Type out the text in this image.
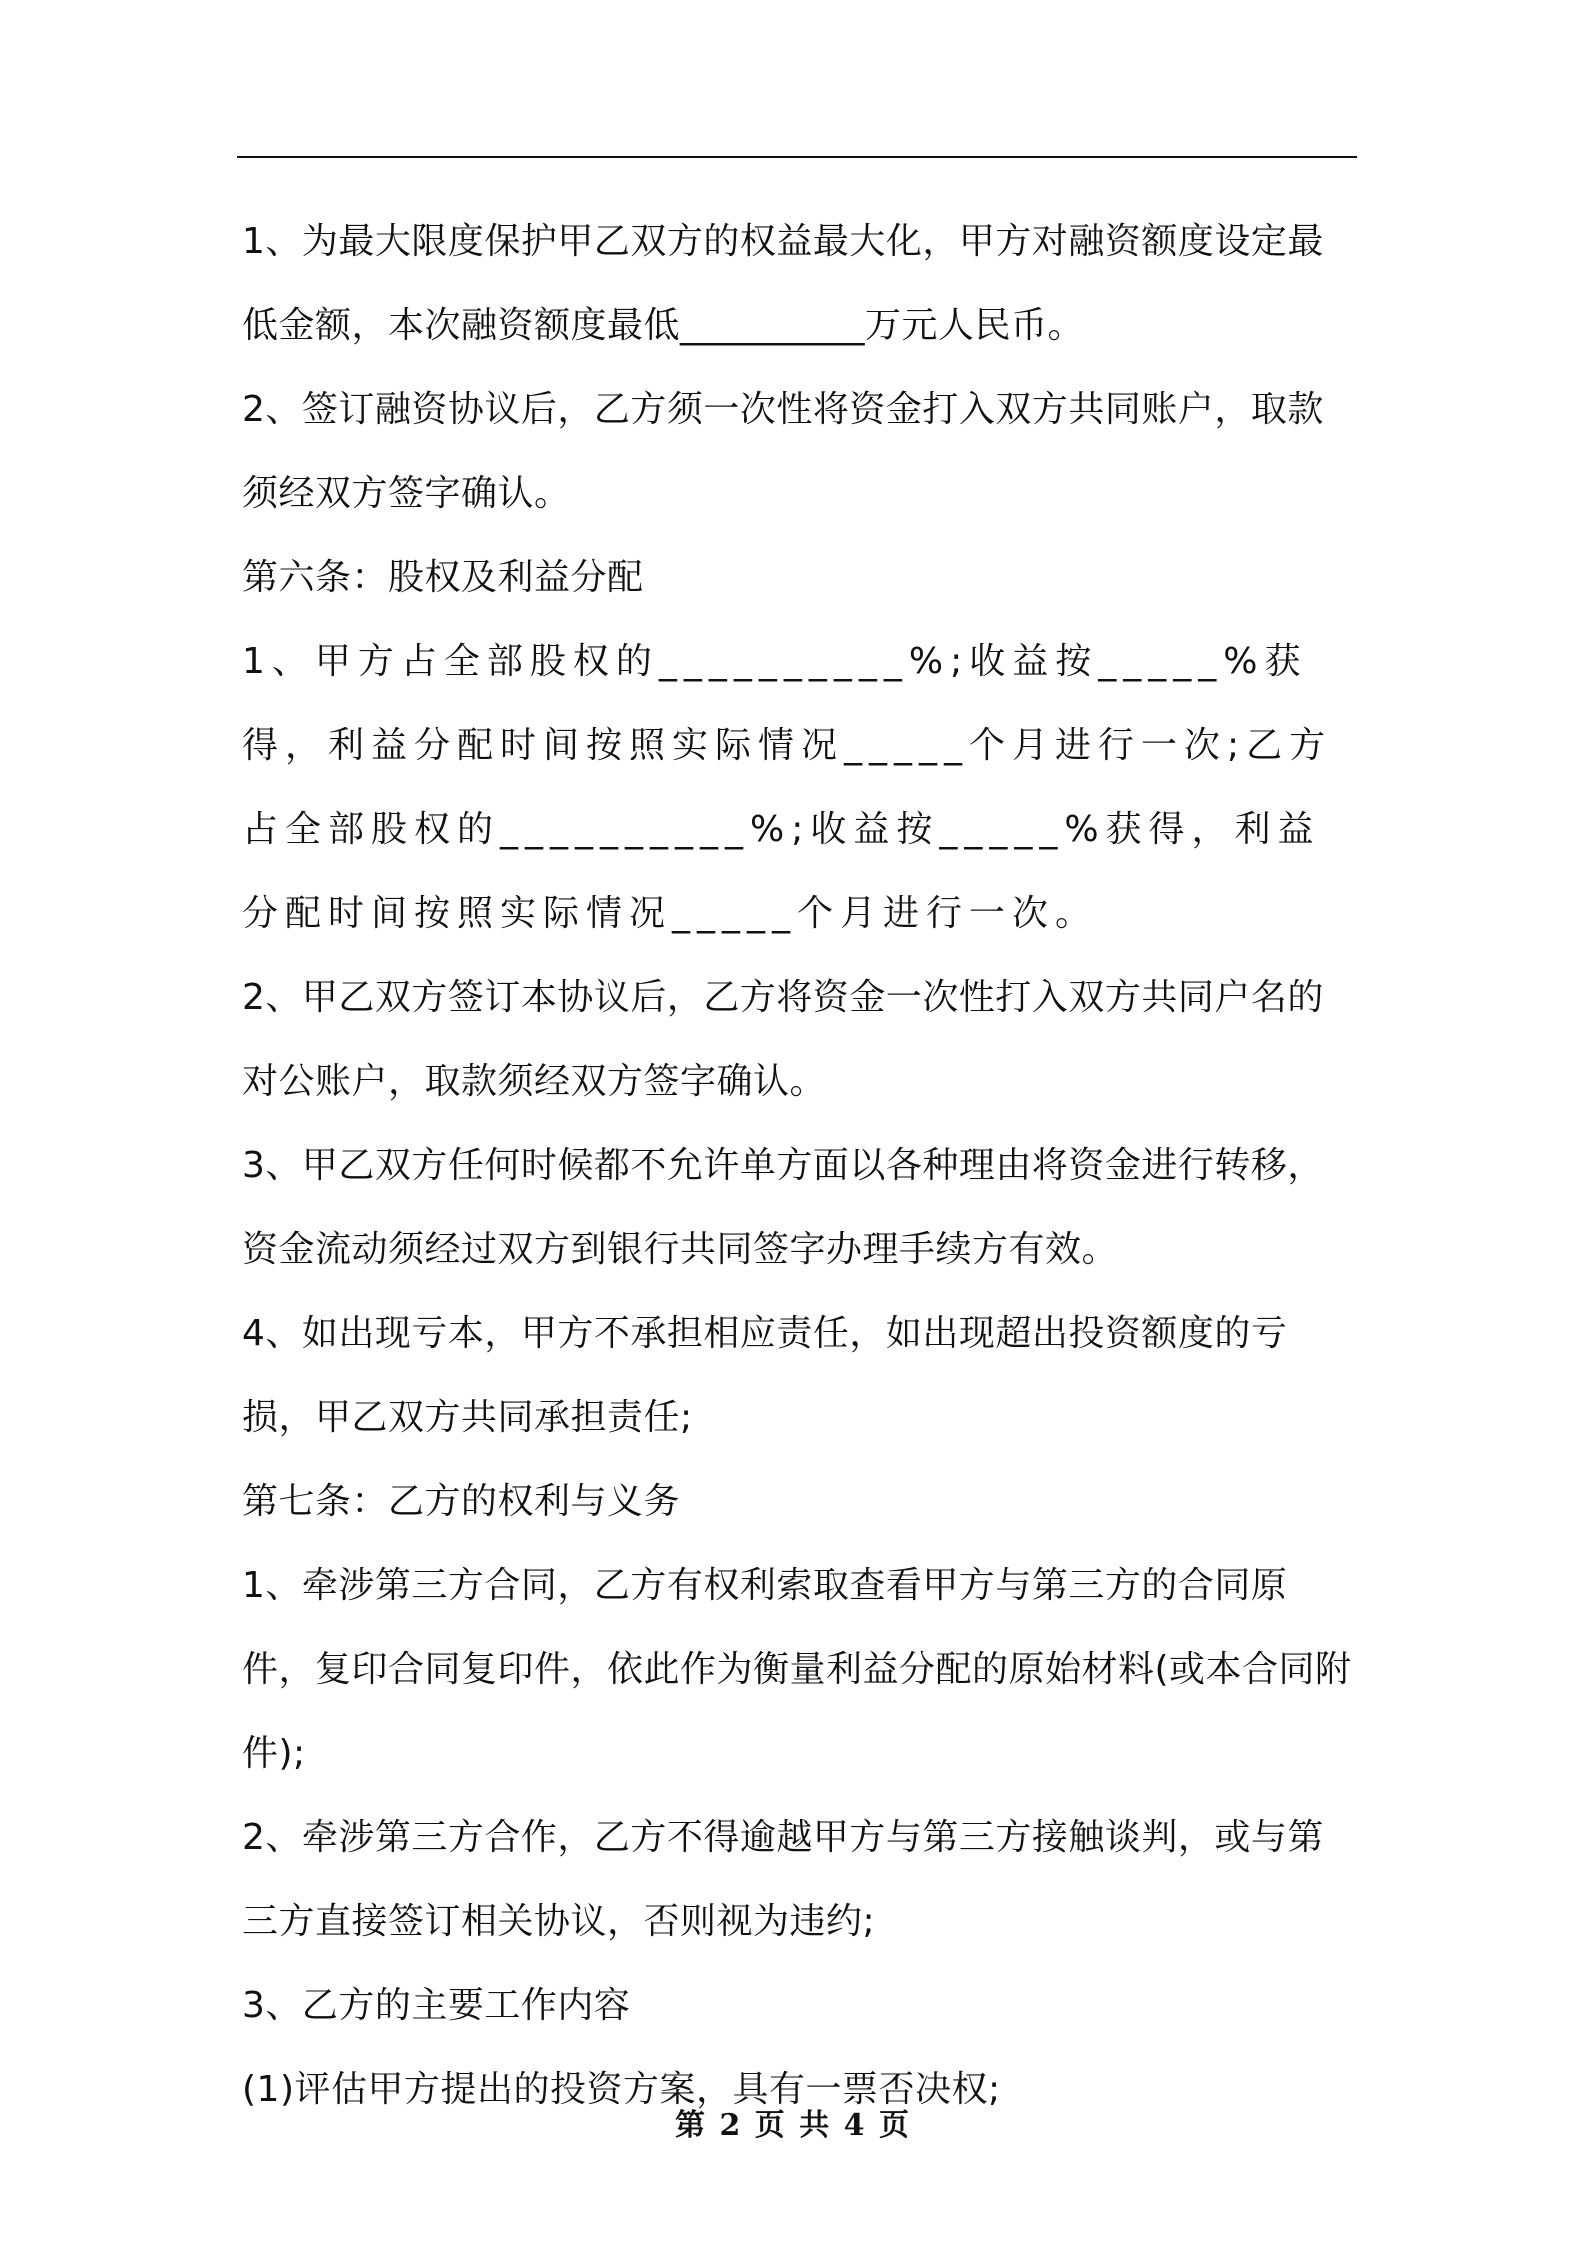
1、为最大限度保护甲乙双方的权益最大化，甲方对融资额度设定最低金额，本次融资额度最低__________万元人民币。

2、签订融资协议后，乙方须一次性将资金打入双方共同账户，取款须经双方签字确认。

第六条：股权及利益分配

1、甲方占全部股权的__________%;收益按_____%获得，利益分配时间按照实际情况_____个月进行一次;乙方占全部股权的__________%;收益按_____%获得，利益分配时间按照实际情况_____个月进行一次。

2、甲乙双方签订本协议后，乙方将资金一次性打入双方共同户名的对公账户，取款须经双方签字确认。

3、甲乙双方任何时候都不允许单方面以各种理由将资金进行转移，资金流动须经过双方到银行共同签字办理手续方有效。

4、如出现亏本，甲方不承担相应责任，如出现超出投资额度的亏损，甲乙双方共同承担责任;

第七条：乙方的权利与义务

1、牵涉第三方合同，乙方有权利索取查看甲方与第三方的合同原件，复印合同复印件，依此作为衡量利益分配的原始材料(或本合同附件);

2、牵涉第三方合作，乙方不得逾越甲方与第三方接触谈判，或与第三方直接签订相关协议，否则视为违约;

3、乙方的主要工作内容

(1)评估甲方提出的投资方案，具有一票否决权;

第 2 页 共 4 页
